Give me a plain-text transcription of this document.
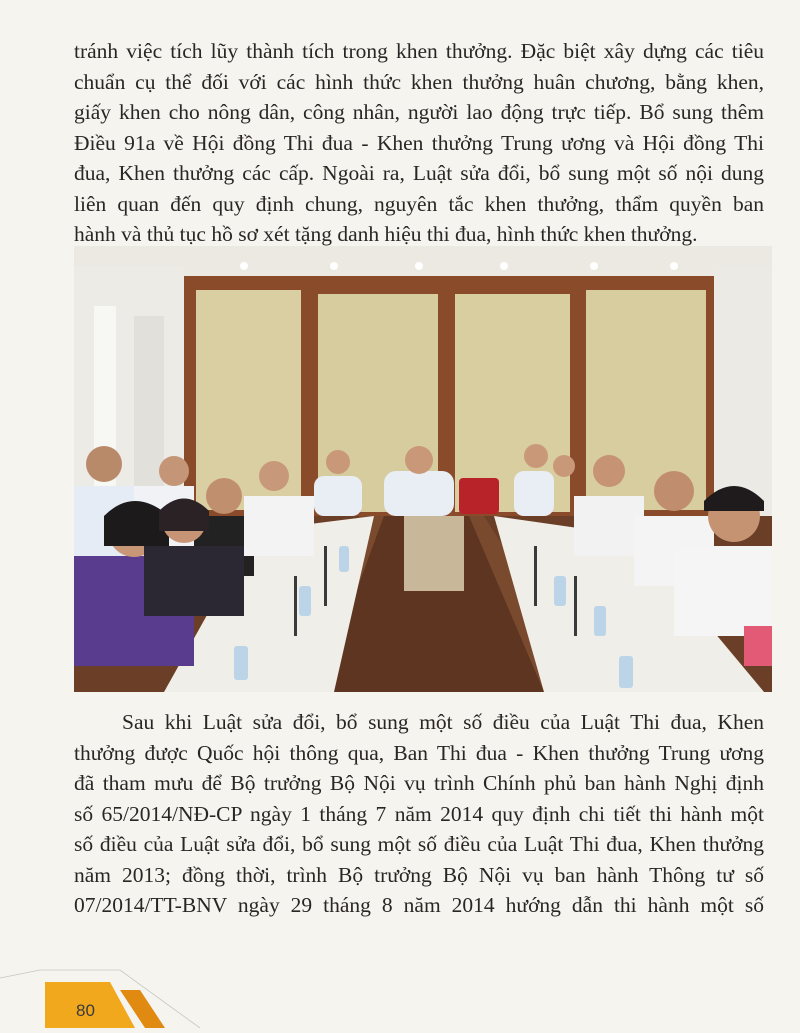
tránh việc tích lũy thành tích trong khen thưởng. Đặc biệt xây dựng các tiêu
chuẩn cụ thể đối với các hình thức khen thưởng huân chương, bằng khen,
giấy khen cho nông dân, công nhân, người lao động trực tiếp. Bổ sung thêm
Điều 91a về Hội đồng Thi đua - Khen thưởng Trung ương và Hội đồng Thi
đua, Khen thưởng các cấp. Ngoài ra, Luật sửa đổi, bổ sung một số nội dung
liên quan đến quy định chung, nguyên tắc khen thưởng, thẩm quyền ban
hành và thủ tục hồ sơ xét tặng danh hiệu thi đua, hình thức khen thưởng.
Sau khi Luật sửa đổi, bổ sung một số điều của Luật Thi đua, Khen
thưởng được Quốc hội thông qua, Ban Thi đua - Khen thưởng Trung ương
đã tham mưu để Bộ trưởng Bộ Nội vụ trình Chính phủ ban hành Nghị định
số 65/2014/NĐ-CP ngày 1 tháng 7 năm 2014 quy định chi tiết thi hành một
số điều của Luật sửa đổi, bổ sung một số điều của Luật Thi đua, Khen thưởng
năm 2013; đồng thời, trình Bộ trưởng Bộ Nội vụ ban hành Thông tư số
07/2014/TT-BNV ngày 29 tháng 8 năm 2014 hướng dẫn thi hành một số
80
